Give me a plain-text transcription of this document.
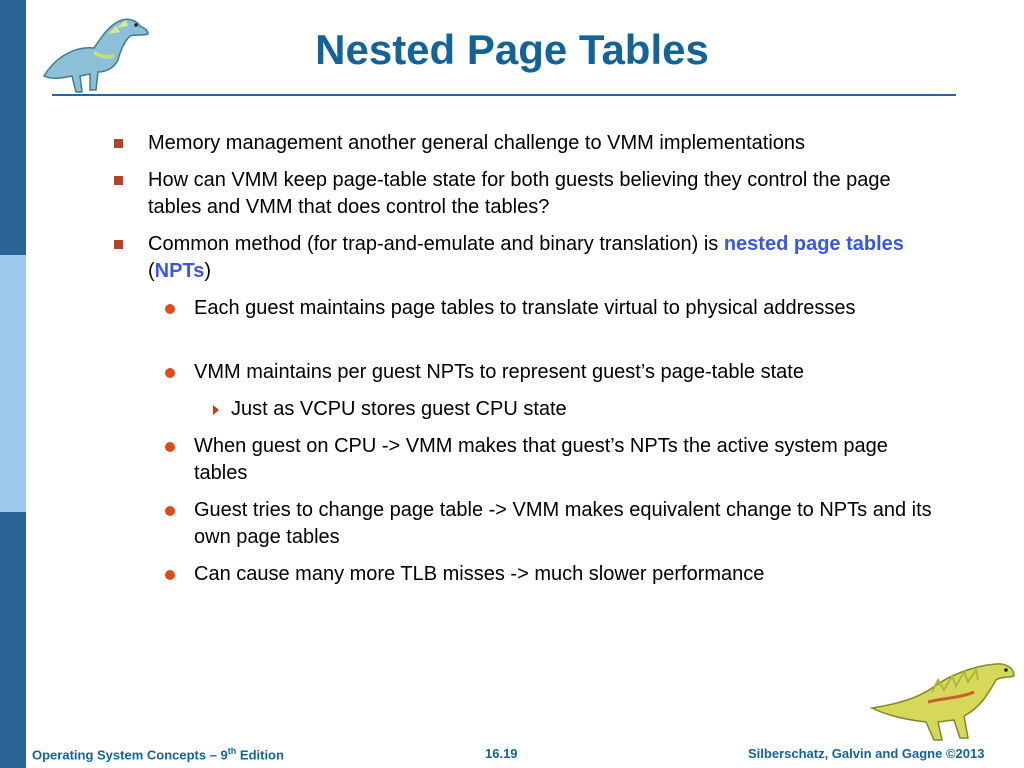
Nested Page Tables
Memory management another general challenge to VMM implementations
How can VMM keep page-table state for both guests believing they control the page tables and VMM that does control the tables?
Common method (for trap-and-emulate and binary translation) is nested page tables (NPTs)
Each guest maintains page tables to translate virtual to physical addresses
VMM maintains per guest NPTs to represent guest’s page-table state
Just as VCPU stores guest CPU state
When guest on CPU -> VMM makes that guest’s NPTs the active system page tables
Guest tries to change page table -> VMM makes equivalent change to NPTs and its own page tables
Can cause many more TLB misses -> much slower performance
Operating System Concepts – 9th Edition	16.19	Silberschatz, Galvin and Gagne ©2013
